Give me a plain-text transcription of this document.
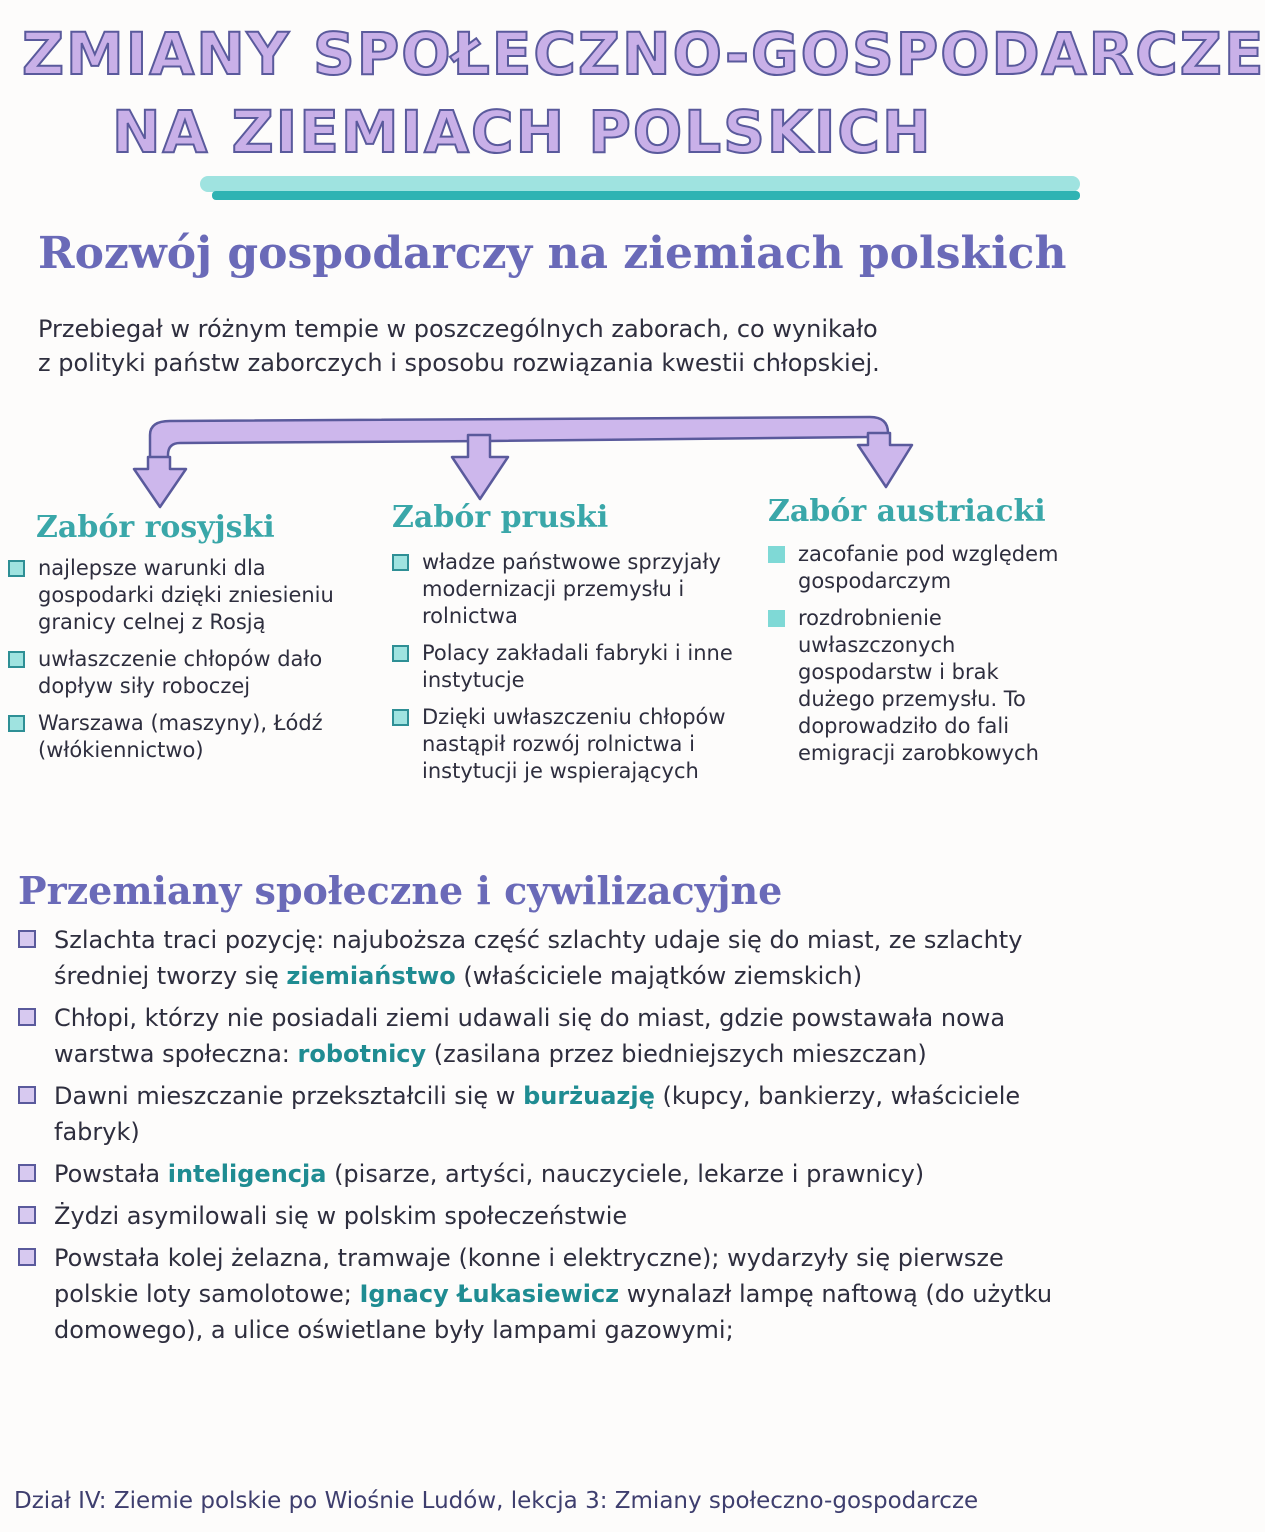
ZMIANY SPOŁECZNO-GOSPODARCZE
NA ZIEMIACH POLSKICH
Rozwój gospodarczy na ziemiach polskich
Przebiegał w różnym tempie w poszczególnych zaborach, co wynikało
z polityki państw zaborczych i sposobu rozwiązania kwestii chłopskiej.
Zabór rosyjski
najlepsze warunki dla gospodarki dzięki zniesieniu granicy celnej z Rosją
uwłaszczenie chłopów dało dopływ siły roboczej
Warszawa (maszyny), Łódź (włókiennictwo)
Zabór pruski
władze państwowe sprzyjały modernizacji przemysłu i rolnictwa
Polacy zakładali fabryki i inne instytucje
Dzięki uwłaszczeniu chłopów nastąpił rozwój rolnictwa i instytucji je wspierających
Zabór austriacki
zacofanie pod względem gospodarczym
rozdrobnienie uwłaszczonych gospodarstw i brak dużego przemysłu. To doprowadziło do fali emigracji zarobkowych
Przemiany społeczne i cywilizacyjne
Szlachta traci pozycję: najuboższa część szlachty udaje się do miast, ze szlachty średniej tworzy się ziemiaństwo (właściciele majątków ziemskich)
Chłopi, którzy nie posiadali ziemi udawali się do miast, gdzie powstawała nowa warstwa społeczna: robotnicy (zasilana przez biedniejszych mieszczan)
Dawni mieszczanie przekształcili się w burżuazję (kupcy, bankierzy, właściciele fabryk)
Powstała inteligencja (pisarze, artyści, nauczyciele, lekarze i prawnicy)
Żydzi asymilowali się w polskim społeczeństwie
Powstała kolej żelazna, tramwaje (konne i elektryczne); wydarzyły się pierwsze polskie loty samolotowe; Ignacy Łukasiewicz wynalazł lampę naftową (do użytku domowego), a ulice oświetlane były lampami gazowymi;
Dział IV: Ziemie polskie po Wiośnie Ludów, lekcja 3: Zmiany społeczno-gospodarcze
